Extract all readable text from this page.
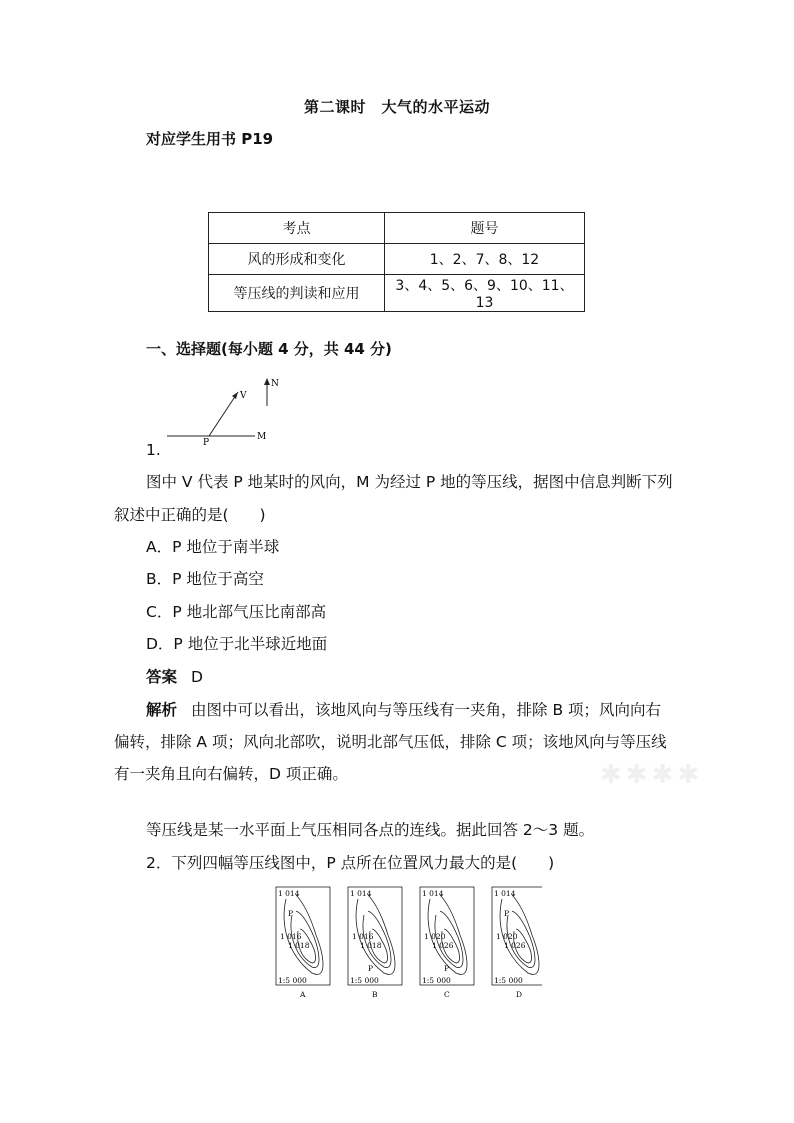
第二课时　大气的水平运动
对应学生用书 P19
考点	题号
风的形成和变化	1、2、7、8、12
等压线的判读和应用	3、4、5、6、9、10、11、13
一、选择题(每小题 4 分，共 44 分)
N
V
P
M
1.
图中 V 代表 P 地某时的风向，M 为经过 P 地的等压线，据图中信息判断下列
叙述中正确的是(　　)
A．P 地位于南半球
B．P 地位于高空
C．P 地北部气压比南部高
D．P 地位于北半球近地面
答案 D
解析 由图中可以看出，该地风向与等压线有一夹角，排除 B 项；风向向右
偏转，排除 A 项；风向北部吹，说明北部气压低，排除 C 项；该地风向与等压线
有一夹角且向右偏转，D 项正确。	✱✱✱✱
等压线是某一水平面上气压相同各点的连线。据此回答 2～3 题。
2．下列四幅等压线图中，P 点所在位置风力最大的是(　　)
1 014
P
1 016
1 018
1:5 000
A
1 014
1 016
1 018
P
1:5 000
B
1 014
1 020
1 026
P
1:5 000
C
1 014
P
1 020
1 026
1:5 000
D
